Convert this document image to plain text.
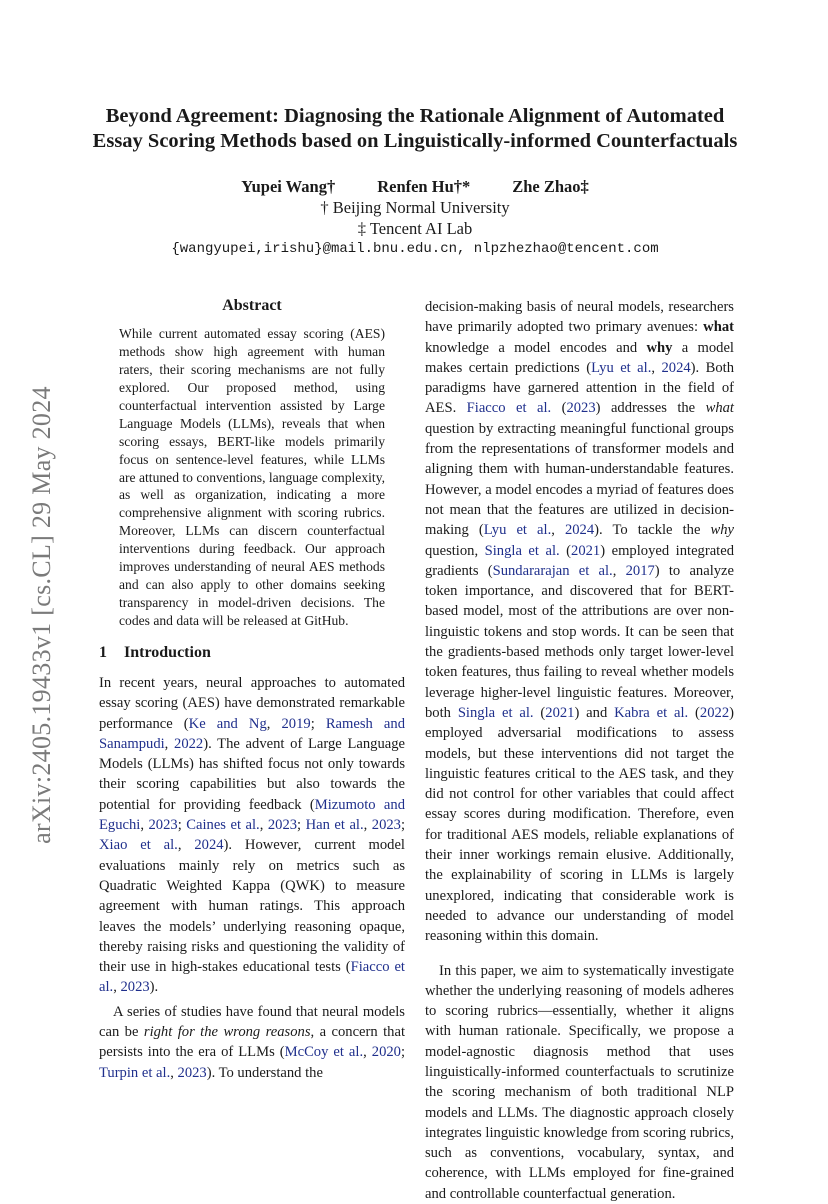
arXiv:2405.19433v1 [cs.CL] 29 May 2024
Beyond Agreement: Diagnosing the Rationale Alignment of Automated
Essay Scoring Methods based on Linguistically-informed Counterfactuals
Yupei Wang†	Renfen Hu†*	Zhe Zhao‡
† Beijing Normal University
‡ Tencent AI Lab
{wangyupei,irishu}@mail.bnu.edu.cn, nlpzhezhao@tencent.com
Abstract

While current automated essay scoring (AES) methods show high agreement with human raters, their scoring mechanisms are not fully explored. Our proposed method, using counterfactual intervention assisted by Large Language Models (LLMs), reveals that when scoring essays, BERT-like models primarily focus on sentence-level features, while LLMs are attuned to conventions, language complexity, as well as organization, indicating a more comprehensive alignment with scoring rubrics. Moreover, LLMs can discern counterfactual interventions during feedback. Our approach improves understanding of neural AES methods and can also apply to other domains seeking transparency in model-driven decisions. The codes and data will be released at GitHub.

1 Introduction

In recent years, neural approaches to automated essay scoring (AES) have demonstrated remarkable performance (Ke and Ng, 2019; Ramesh and Sanampudi, 2022). The advent of Large Language Models (LLMs) has shifted focus not only towards their scoring capabilities but also towards the potential for providing feedback (Mizumoto and Eguchi, 2023; Caines et al., 2023; Han et al., 2023; Xiao et al., 2024). However, current model evaluations mainly rely on metrics such as Quadratic Weighted Kappa (QWK) to measure agreement with human ratings. This approach leaves the models’ underlying reasoning opaque, thereby raising risks and questioning the validity of their use in high-stakes educational tests (Fiacco et al., 2023).

A series of studies have found that neural models can be right for the wrong reasons, a concern that persists into the era of LLMs (McCoy et al., 2020; Turpin et al., 2023). To understand the

decision-making basis of neural models, researchers have primarily adopted two primary avenues: what knowledge a model encodes and why a model makes certain predictions (Lyu et al., 2024). Both paradigms have garnered attention in the field of AES. Fiacco et al. (2023) addresses the what question by extracting meaningful functional groups from the representations of transformer models and aligning them with human-understandable features. However, a model encodes a myriad of features does not mean that the features are utilized in decision-making (Lyu et al., 2024). To tackle the why question, Singla et al. (2021) employed integrated gradients (Sundararajan et al., 2017) to analyze token importance, and discovered that for BERT-based model, most of the attributions are over non-linguistic tokens and stop words. It can be seen that the gradients-based methods only target lower-level token features, thus failing to reveal whether models leverage higher-level linguistic features. Moreover, both Singla et al. (2021) and Kabra et al. (2022) employed adversarial modifications to assess models, but these interventions did not target the linguistic features critical to the AES task, and they did not control for other variables that could affect essay scores during modification. Therefore, even for traditional AES models, reliable explanations of their inner workings remain elusive. Additionally, the explainability of scoring in LLMs is largely unexplored, indicating that considerable work is needed to advance our understanding of model reasoning within this domain.

In this paper, we aim to systematically investigate whether the underlying reasoning of models adheres to scoring rubrics—essentially, whether it aligns with human rationale. Specifically, we propose a model-agnostic diagnosis method that uses linguistically-informed counterfactuals to scrutinize the scoring mechanism of both traditional NLP models and LLMs. The diagnostic approach closely integrates linguistic knowledge from scoring rubrics, such as conventions, vocabulary, syntax, and coherence, with LLMs employed for fine-grained and controllable counterfactual generation.
